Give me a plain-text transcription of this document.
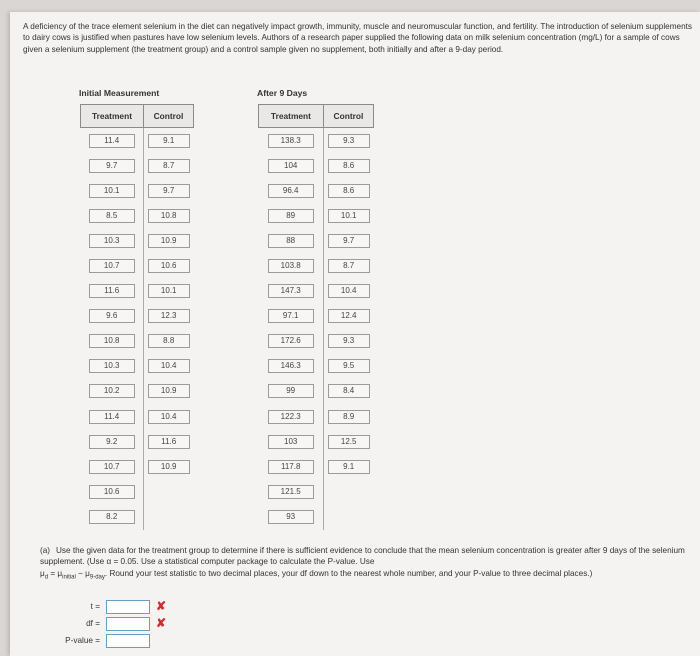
A deficiency of the trace element selenium in the diet can negatively impact growth, immunity, muscle and neuromuscular function, and fertility. The introduction of selenium supplements to dairy cows is justified when pastures have low selenium levels. Authors of a research paper supplied the following data on milk selenium concentration (mg/L) for a sample of cows given a selenium supplement (the treatment group) and a control sample given no supplement, both initially and after a 9-day period.
Initial Measurement	After 9 Days
Treatment	Control
11.4	9.1
9.7	8.7
10.1	9.7
8.5	10.8
10.3	10.9
10.7	10.6
11.6	10.1
9.6	12.3
10.8	8.8
10.3	10.4
10.2	10.9
11.4	10.4
9.2	11.6
10.7	10.9
10.6	
8.2	
Treatment	Control
138.3	9.3
104	8.6
96.4	8.6
89	10.1
88	9.7
103.8	8.7
147.3	10.4
97.1	12.4
172.6	9.3
146.3	9.5
99	8.4
122.3	8.9
103	12.5
117.8	9.1
121.5	
93	
(a) Use the given data for the treatment group to determine if there is sufficient evidence to conclude that the mean selenium concentration is greater after 9 days of the selenium supplement. (Use α = 0.05. Use a statistical computer package to calculate the P-value. Use
$\mu_d = \mu_{initial} - \mu_{9-day}$. Round your test statistic to two decimal places, your df down to the nearest whole number, and your P-value to three decimal places.)
t =	✘
df =	✘
P-value =
